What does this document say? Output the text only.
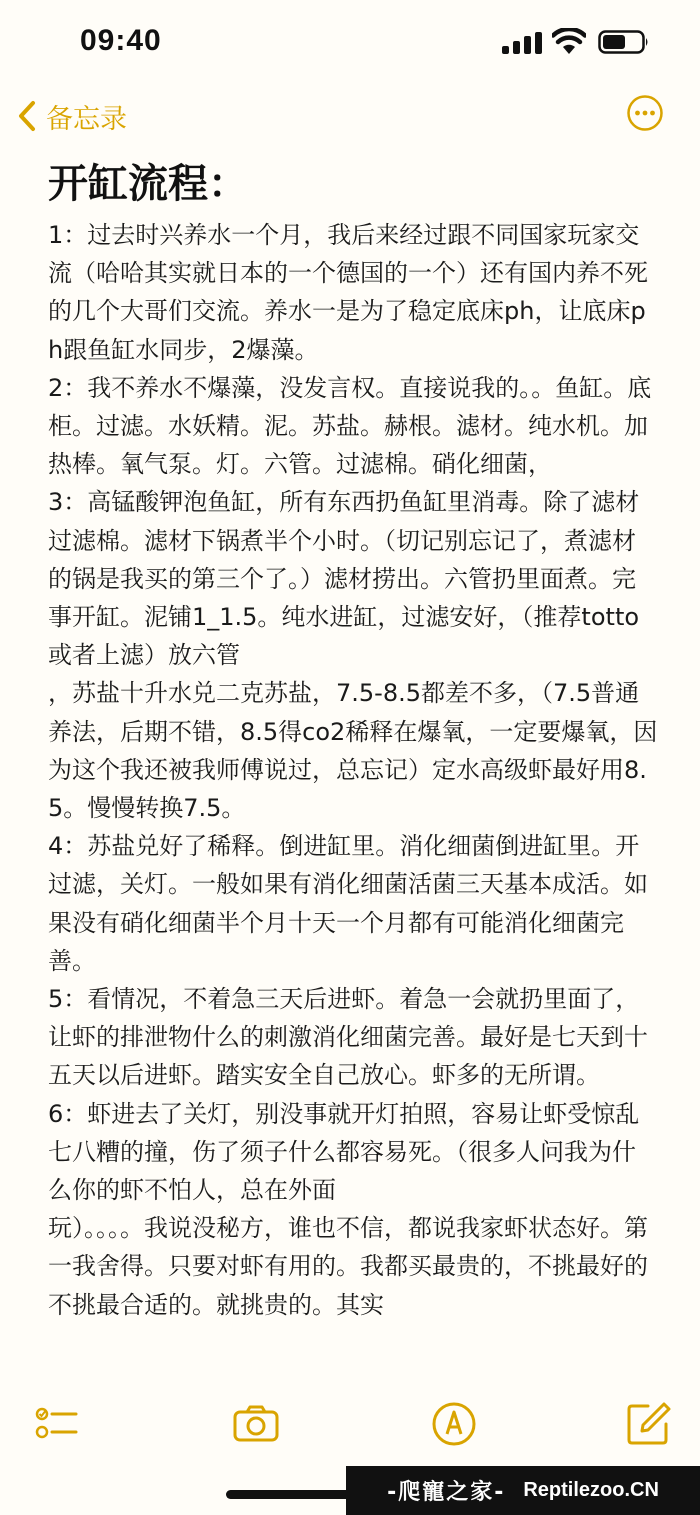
09:40
备忘录
开缸流程：

1：过去时兴养水一个月，我后来经过跟不同国家玩家交流（哈哈其实就日本的一个德国的一个）还有国内养不死的几个大哥们交流。养水一是为了稳定底床ph，让底床ph跟鱼缸水同步，2爆藻。

2：我不养水不爆藻，没发言权。直接说我的。。鱼缸。底柜。过滤。水妖精。泥。苏盐。赫根。滤材。纯水机。加热棒。氧气泵。灯。六管。过滤棉。硝化细菌，

3：高锰酸钾泡鱼缸，所有东西扔鱼缸里消毒。除了滤材过滤棉。滤材下锅煮半个小时。（切记别忘记了，煮滤材的锅是我买的第三个了。）滤材捞出。六管扔里面煮。完事开缸。泥铺1_1.5。纯水进缸，过滤安好，（推荐totto或者上滤）放六管

，苏盐十升水兑二克苏盐，7.5-8.5都差不多，（7.5普通养法，后期不错，8.5得co2稀释在爆氧，一定要爆氧，因为这个我还被我师傅说过，总忘记）定水高级虾最好用8.5。慢慢转换7.5。

4：苏盐兑好了稀释。倒进缸里。消化细菌倒进缸里。开过滤，关灯。一般如果有消化细菌活菌三天基本成活。如果没有硝化细菌半个月十天一个月都有可能消化细菌完善。

5：看情况，不着急三天后进虾。着急一会就扔里面了，让虾的排泄物什么的刺激消化细菌完善。最好是七天到十五天以后进虾。踏实安全自己放心。虾多的无所谓。

6：虾进去了关灯，别没事就开灯拍照，容易让虾受惊乱七八糟的撞，伤了须子什么都容易死。（很多人问我为什么你的虾不怕人，总在外面

玩）。。。。我说没秘方，谁也不信，都说我家虾状态好。第一我舍得。只要对虾有用的。我都买最贵的，不挑最好的不挑最合适的。就挑贵的。其实

-爬寵之家- Reptilezoo.CN
